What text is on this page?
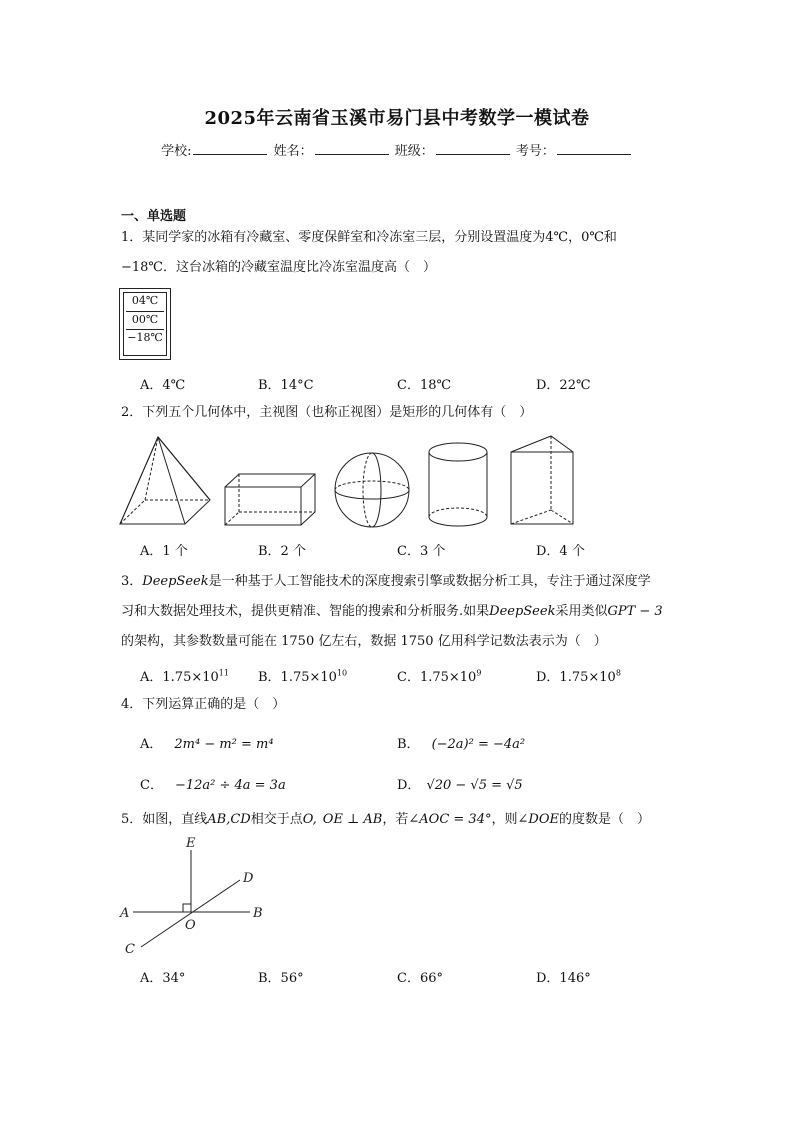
2025年云南省玉溪市易门县中考数学一模试卷
学校:	姓名：	班级：	考号：
一、单选题
1．某同学家的冰箱有冷藏室、零度保鲜室和冷冻室三层，分别设置温度为4℃，0℃和
−18℃．这台冰箱的冷藏室温度比冷冻室温度高（　）
04℃
00℃
−18℃
A．4℃	B．14°C	C．18℃	D．22℃
2．下列五个几何体中，主视图（也称正视图）是矩形的几何体有（　）
A．1 个	B．2 个	C．3 个	D．4 个
3．DeepSeek是一种基于人工智能技术的深度搜索引擎或数据分析工具，专注于通过深度学
习和大数据处理技术，提供更精准、智能的搜索和分析服务.如果DeepSeek采用类似GPT − 3
的架构，其参数数量可能在 1750 亿左右，数据 1750 亿用科学记数法表示为（　）
A．$1.75\times 10^{11}$ B．$1.75\times 10^{10}$	C．$1.75\times 10^9$	D．$1.75\times 10^8$
4．下列运算正确的是（　）
A． 2m⁴ − m² = m⁴	B． (−2a)² = −4a²
C． −12a² ÷ 4a = 3a	D． √20 − √5 = √5
5．如图，直线AB,CD相交于点O, OE ⊥ AB，若∠AOC = 34°，则∠DOE的度数是（　）
E
D
A	B
O
C
A．34°	B．56°	C．66°	D．146°
